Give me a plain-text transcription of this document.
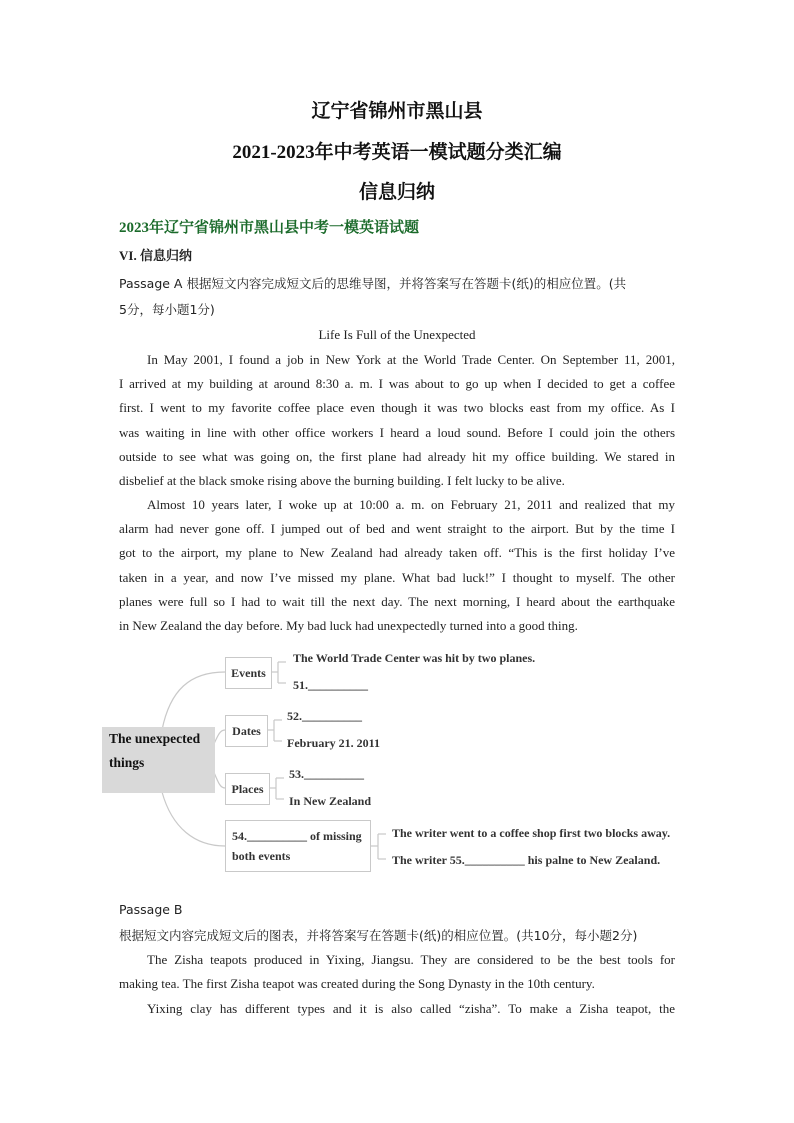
辽宁省锦州市黑山县
2021-2023年中考英语一模试题分类汇编
信息归纳
2023年辽宁省锦州市黑山县中考一模英语试题
VI. 信息归纳
Passage A 根据短文内容完成短文后的思维导图，并将答案写在答题卡(纸)的相应位置。(共
5分，每小题1分)
Life Is Full of the Unexpected
In May 2001, I found a job in New York at the World Trade Center. On September 11, 2001,
I arrived at my building at around 8:30 a. m. I was about to go up when I decided to get a coffee
first. I went to my favorite coffee place even though it was two blocks east from my office. As I
was waiting in line with other office workers I heard a loud sound. Before I could join the others
outside to see what was going on, the first plane had already hit my office building. We stared in
disbelief at the black smoke rising above the burning building. I felt lucky to be alive.
Almost 10 years later, I woke up at 10:00 a. m. on February 21, 2011 and realized that my
alarm had never gone off. I jumped out of bed and went straight to the airport. But by the time I
got to the airport, my plane to New Zealand had already taken off. “This is the first holiday I’ve
taken in a year, and now I’ve missed my plane. What bad luck!” I thought to myself. The other
planes were full so I had to wait till the next day. The next morning, I heard about the earthquake
in New Zealand the day before. My bad luck had unexpectedly turned into a good thing.
The unexpected
things
Events
The World Trade Center was hit by two planes.
51.__________
Dates
52.__________
February 21. 2011
Places
53.__________
In New Zealand
54.__________ of missing
both events
The writer went to a coffee shop first two blocks away.
The writer 55.__________ his palne to New Zealand.
Passage B
根据短文内容完成短文后的图表，并将答案写在答题卡(纸)的相应位置。(共10分，每小题2分)
The Zisha teapots produced in Yixing, Jiangsu. They are considered to be the best tools for
making tea. The first Zisha teapot was created during the Song Dynasty in the 10th century.
Yixing clay has different types and it is also called “zisha”. To make a Zisha teapot, the
